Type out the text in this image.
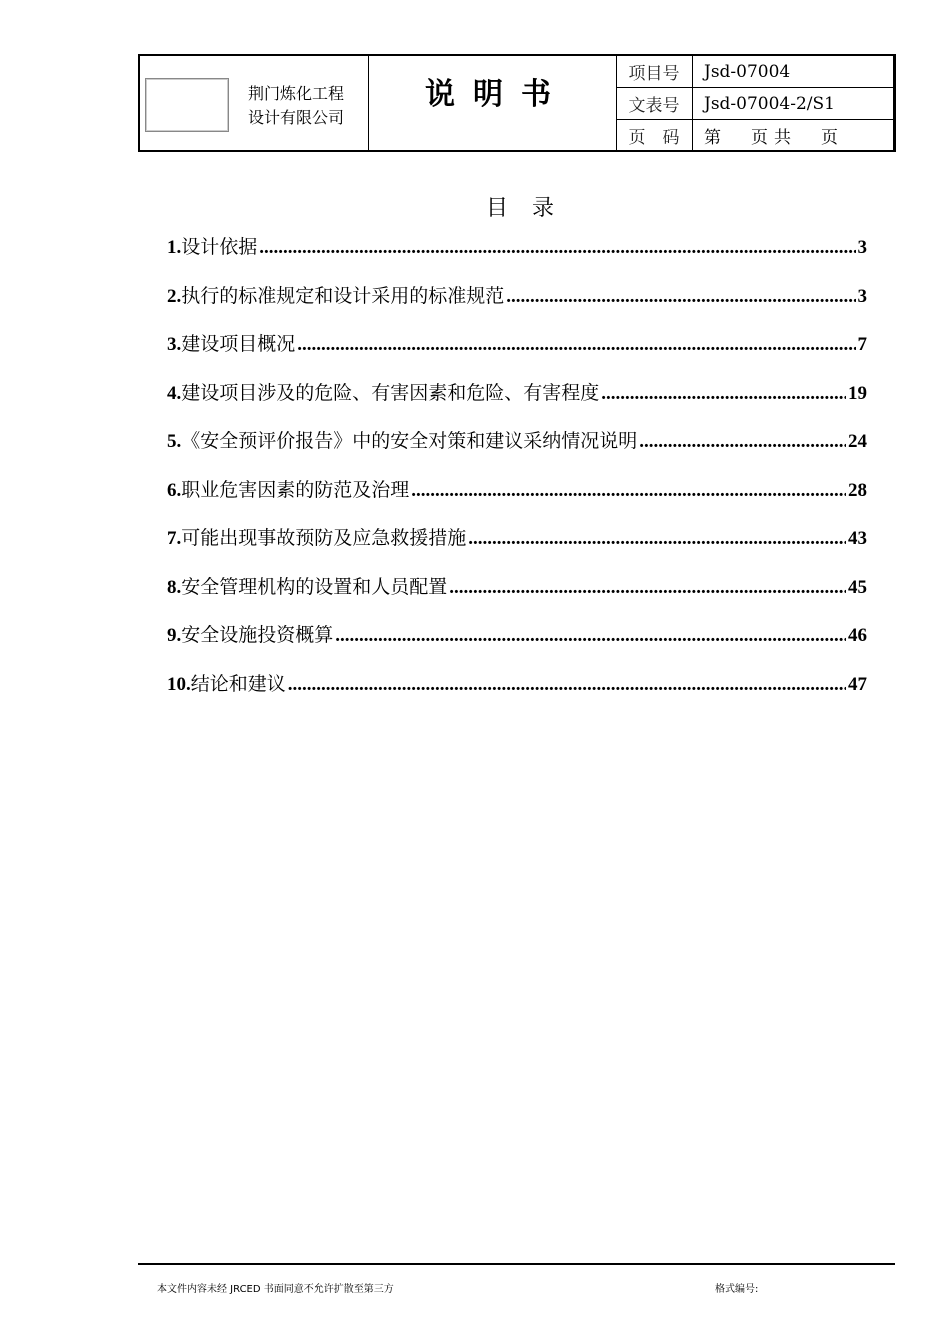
荆门炼化工程
设计有限公司
说明书
项目号	Jsd-07004
文表号	Jsd-07004-2/S1
页　码	第 页 共 页
目录
1. 设计依据 .....	3
2. 执行的标准规定和设计采用的标准规范 .....	3
3. 建设项目概况 .....	7
4. 建设项目涉及的危险、有害因素和危险、有害程度 .....	19
5. 《安全预评价报告》中的安全对策和建议采纳情况说明 .....	24
6. 职业危害因素的防范及治理 .....	28
7. 可能出现事故预防及应急救援措施 .....	43
8. 安全管理机构的设置和人员配置 .....	45
9. 安全设施投资概算 .....	46
10. 结论和建议 .....	47
本文件内容未经 JRCED 书面同意不允许扩散至第三方	格式编号:
